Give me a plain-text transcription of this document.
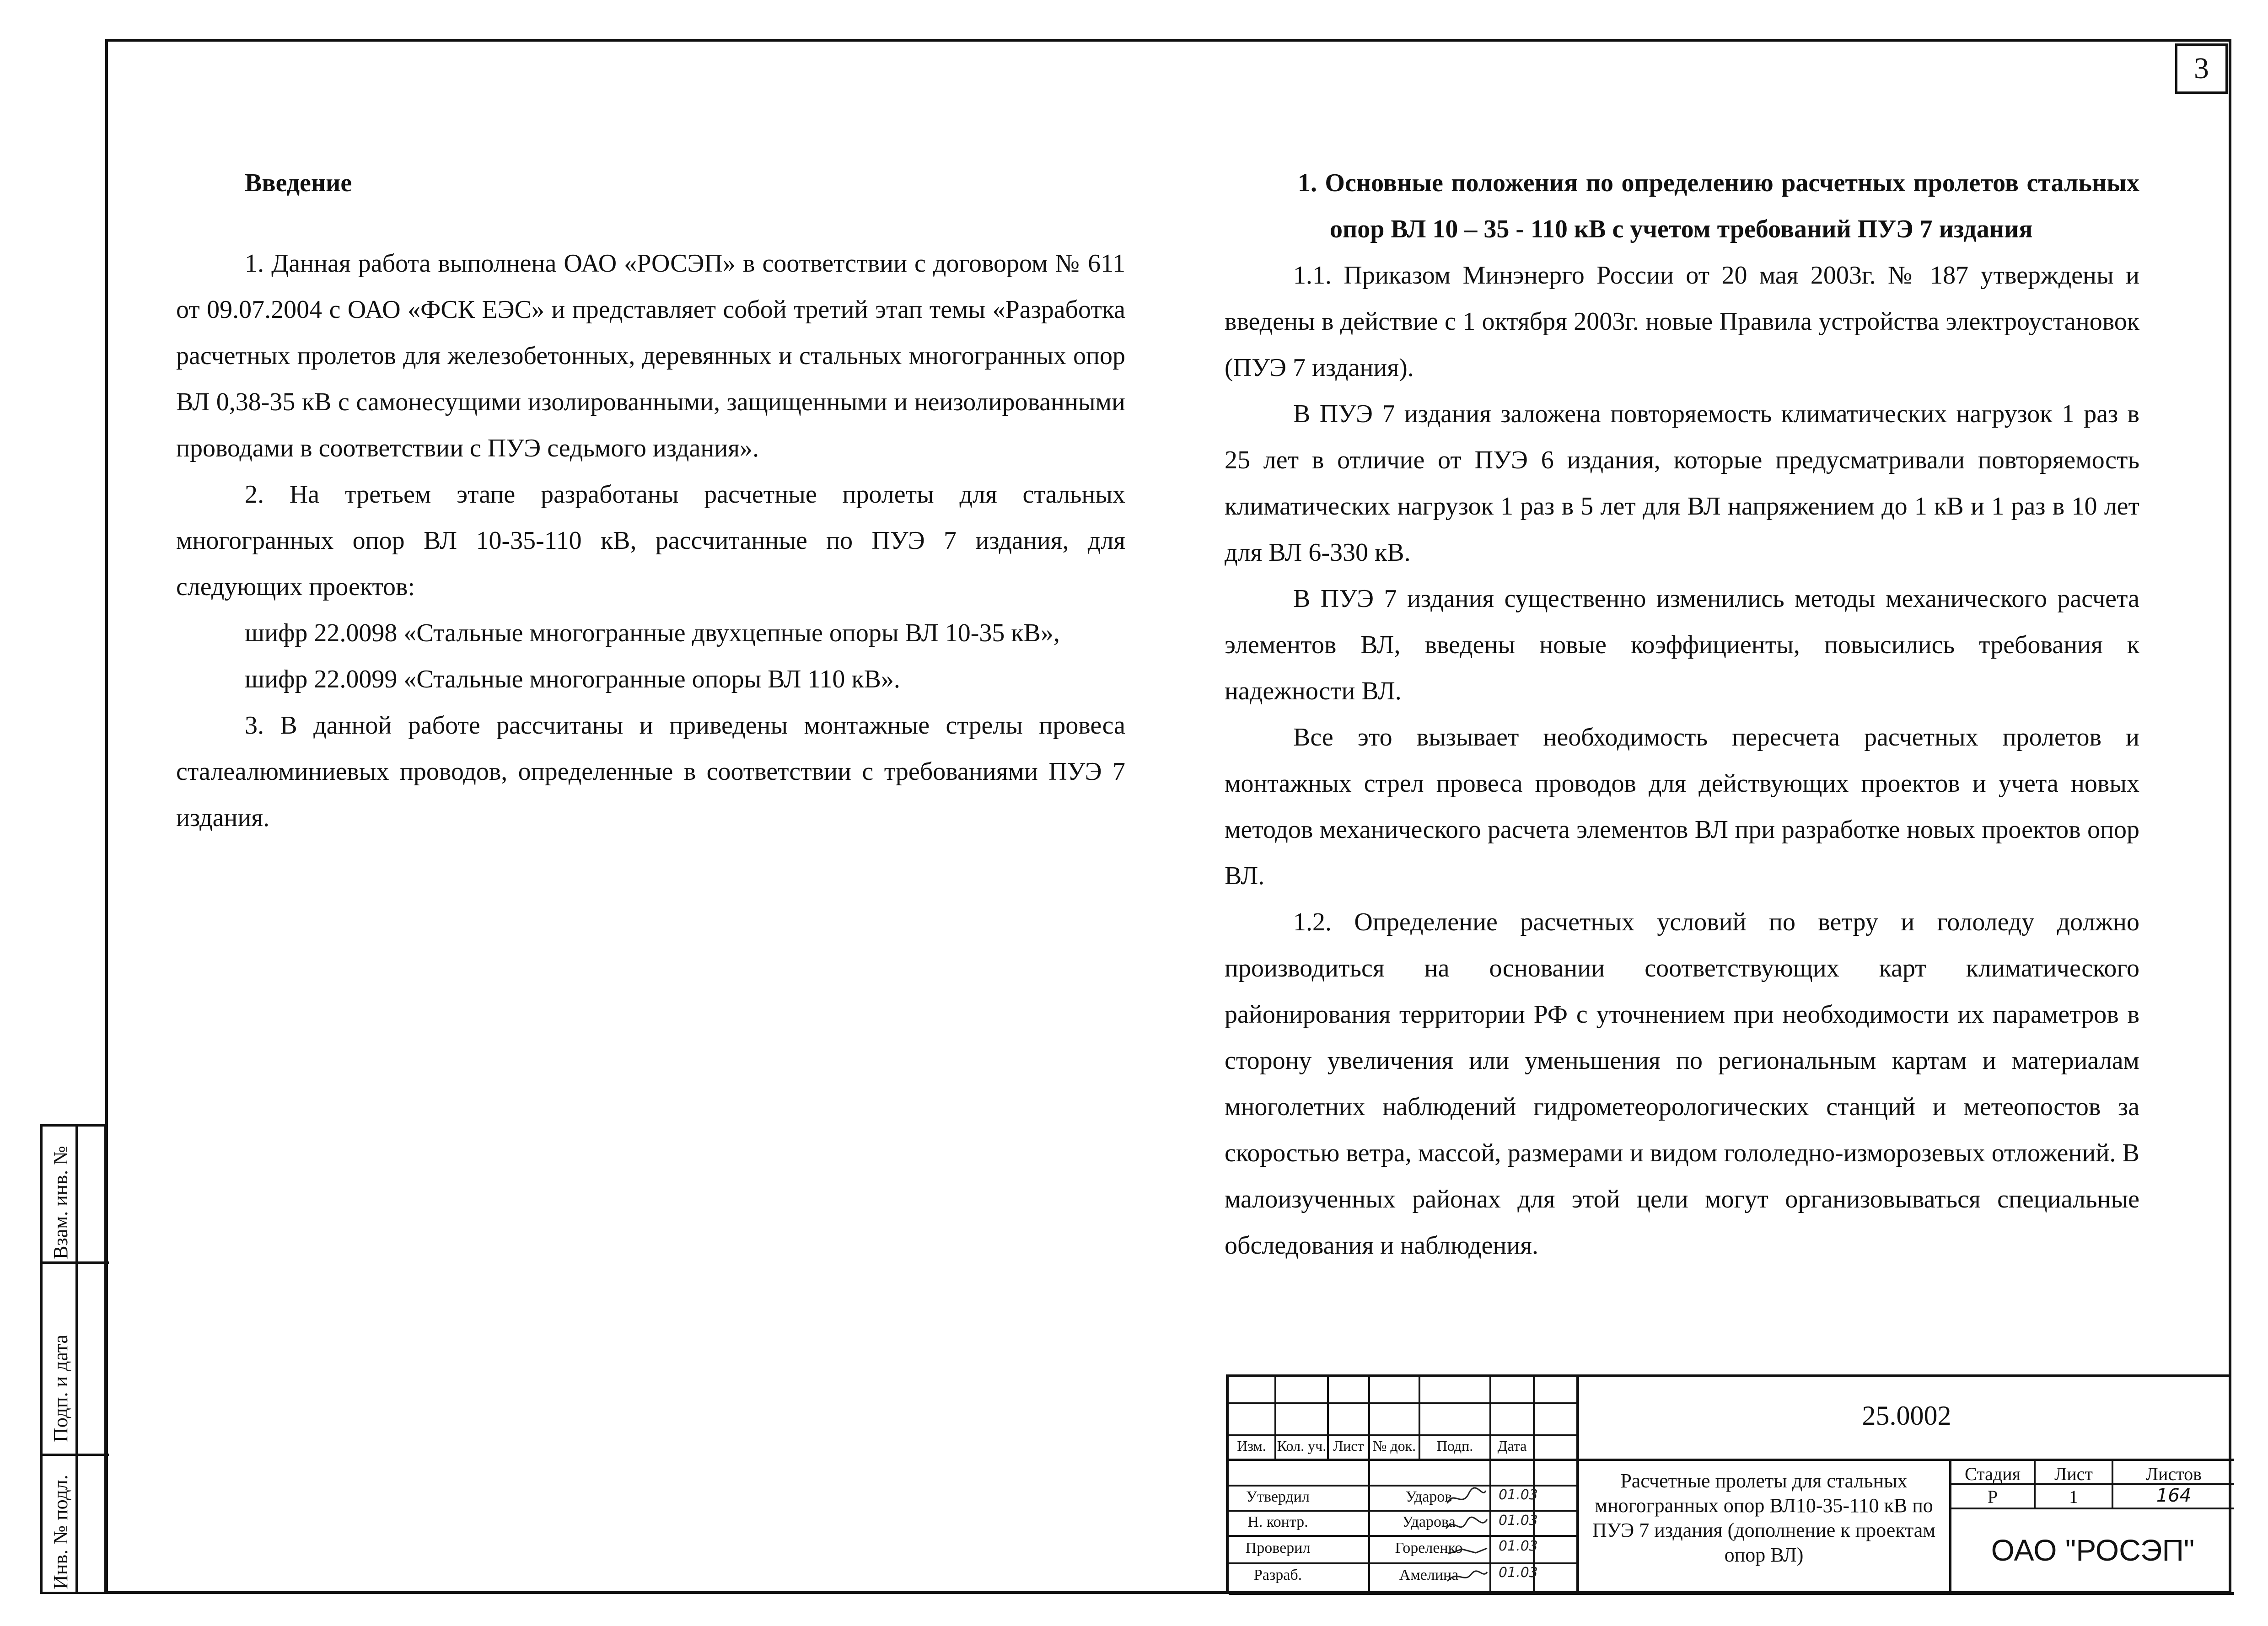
3
Взам. инв. №
Подп. и дата
Инв. № подл.

Введение

1. Данная работа выполнена ОАО «РОСЭП» в соответствии с договором № 611 от 09.07.2004 с ОАО «ФСК ЕЭС» и представляет собой третий этап темы «Разработка расчетных пролетов для железобетонных, деревянных и стальных многогранных опор ВЛ 0,38-35 кВ с самонесущими изолированными, защищенными и неизолированными проводами в соответствии с ПУЭ седьмого издания».

2. На третьем этапе разработаны расчетные пролеты для стальных многогранных опор ВЛ 10-35-110 кВ, рассчитанные по ПУЭ 7 издания, для следующих проектов:

шифр 22.0098 «Стальные многогранные двухцепные опоры ВЛ 10-35 кВ»,

шифр 22.0099 «Стальные многогранные опоры ВЛ 110 кВ».

3. В данной работе рассчитаны и приведены монтажные стрелы провеса сталеалюминиевых проводов, определенные в соответствии с требованиями ПУЭ 7 издания.

1. Основные положения по определению расчетных пролетов стальных опор ВЛ 10 – 35 - 110 кВ с учетом требований ПУЭ 7 издания

1.1. Приказом Минэнерго России от 20 мая 2003г. № 187 утверждены и введены в действие с 1 октября 2003г. новые Правила устройства электроустановок (ПУЭ 7 издания).

В ПУЭ 7 издания заложена повторяемость климатических нагрузок 1 раз в 25 лет в отличие от ПУЭ 6 издания, которые предусматривали повторяемость климатических нагрузок 1 раз в 5 лет для ВЛ напряжением до 1 кВ и 1 раз в 10 лет для ВЛ 6-330 кВ.

В ПУЭ 7 издания существенно изменились методы механического расчета элементов ВЛ, введены новые коэффициенты, повысились требования к надежности ВЛ.

Все это вызывает необходимость пересчета расчетных пролетов и монтажных стрел провеса проводов для действующих проектов и учета новых методов механического расчета элементов ВЛ при разработке новых проектов опор ВЛ.

1.2. Определение расчетных условий по ветру и гололеду должно производиться на основании соответствующих карт климатического районирования территории РФ с уточнением при необходимости их параметров в сторону увеличения или уменьшения по региональным картам и материалам многолетних наблюдений гидрометеорологических станций и метеопостов за скоростью ветра, массой, размерами и видом гололедно-изморозевых отложений. В малоизученных районах для этой цели могут организовываться специальные обследования и наблюдения.

Изм. Кол. уч. Лист № док.	Подп.	Дата
Утвердил	Ударов	01.03
Н. контр.	Ударова	01.03
Проверил	Гореленко	01.03
Разраб.	Амелина	01.03
25.0002
Расчетные пролеты для стальных многогранных опор ВЛ10-35-110 кВ по ПУЭ 7 издания (дополнение к проектам опор ВЛ)
Стадия	Лист	Листов
Р	1	164
ОАО "РОСЭП"
